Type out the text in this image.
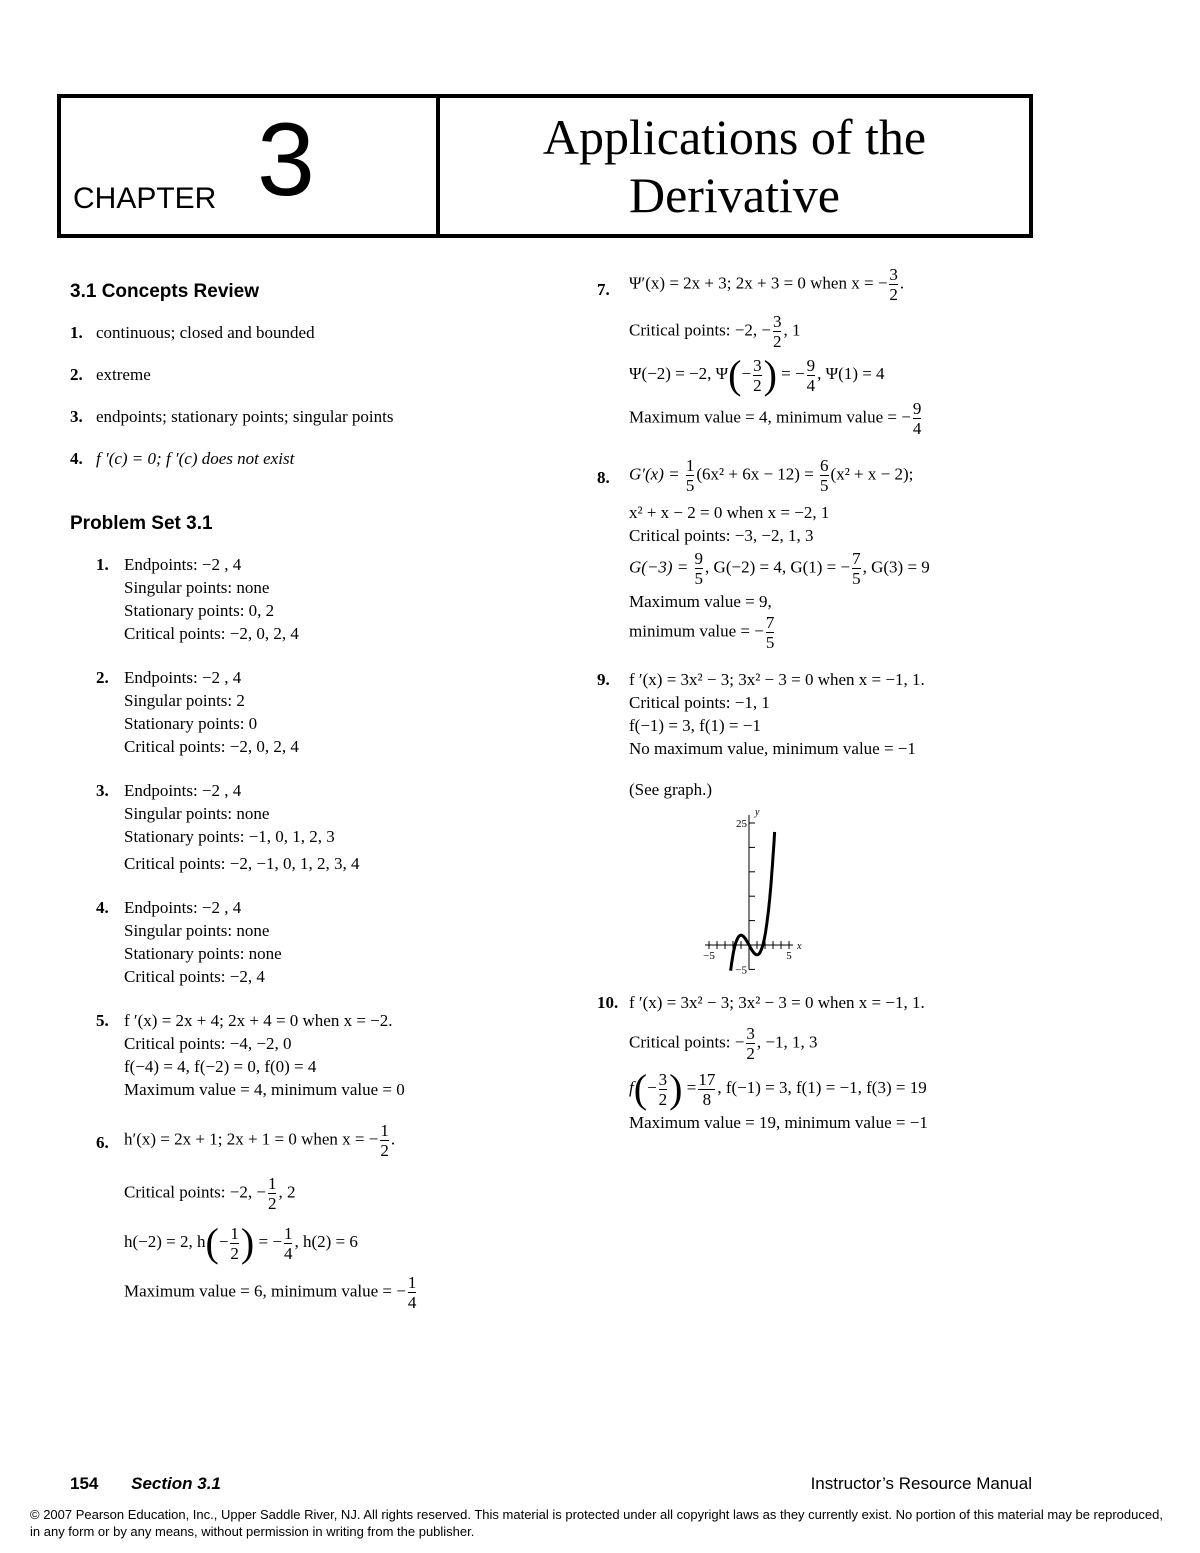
CHAPTER 3	Applications of the
Derivative
3.1 Concepts Review
1. continuous; closed and bounded
2. extreme
3. endpoints; stationary points; singular points
4. f ′(c) = 0; f ′(c) does not exist
Problem Set 3.1
1. Endpoints: −2 , 4
Singular points: none
Stationary points: 0, 2
Critical points: −2, 0, 2, 4
2. Endpoints: −2 , 4
Singular points: 2
Stationary points: 0
Critical points: −2, 0, 2, 4
3. Endpoints: −2 , 4
Singular points: none
Stationary points: −1, 0, 1, 2, 3
Critical points: −2, −1, 0, 1, 2, 3, 4
4. Endpoints: −2 , 4
Singular points: none
Stationary points: none
Critical points: −2, 4
5. f ′(x) = 2x + 4; 2x + 4 = 0 when x = −2.
Critical points: −4, −2, 0
f(−4) = 4, f(−2) = 0, f(0) = 4
Maximum value = 4, minimum value = 0
6. h′(x) = 2x + 1; 2x + 1 = 0 when x = − $\frac{1}{2}$ .
Critical points: −2, − $\frac{1}{2}$ , 2
h(−2) = 2, $h(- \frac{1}{2}$ ) = − $\frac{1}{4}$ , h(2) = 6
Maximum value = 6, minimum value = − $\frac{1}{4}$
7. Ψ′(x) = 2x + 3; 2x + 3 = 0 when x = − $\frac{3}{2}$ .
Critical points: −2, − $\frac{3}{2}$ , 1
Ψ(−2) = −2, $\Psi(- \frac{3}{2}$ ) = − $\frac{9}{4}$ , Ψ(1) = 4
Maximum value = 4, minimum value = − $\frac{9}{4}$
8. $G'(x) = \frac{1}{5} (6x^2 + 6x - 12) = \frac{6}{5} (x^2 + x - 2)$;
x² + x − 2 = 0 when x = −2, 1
Critical points: −3, −2, 1, 3
$G(-3) = \frac{9}{5}$ , G(−2) = 4, G(1) = − $\frac{7}{5}$ , G(3) = 9
Maximum value = 9,
minimum value = − $\frac{7}{5}$
9. f ′(x) = 3x² − 3; 3x² − 3 = 0 when x = −1, 1.
Critical points: −1, 1
f(−1) = 3, f(1) = −1
No maximum value, minimum value = −1
(See graph.)
y
x
25
−5
−5	5
10. f ′(x) = 3x² − 3; 3x² − 3 = 0 when x = −1, 1.
Critical points: − $\frac{3}{2}$ , −1, 1, 3
$f(- \frac{3}{2}$ ) = $\frac{17}{8}$ , f(−1) = 3, f(1) = −1, f(3) = 19
Maximum value = 19, minimum value = −1
154 Section 3.1	Instructor’s Resource Manual
© 2007 Pearson Education, Inc., Upper Saddle River, NJ. All rights reserved. This material is protected under all copyright laws as they currently exist. No portion of this material may be reproduced, in any form or by any means, without permission in writing from the publisher.
